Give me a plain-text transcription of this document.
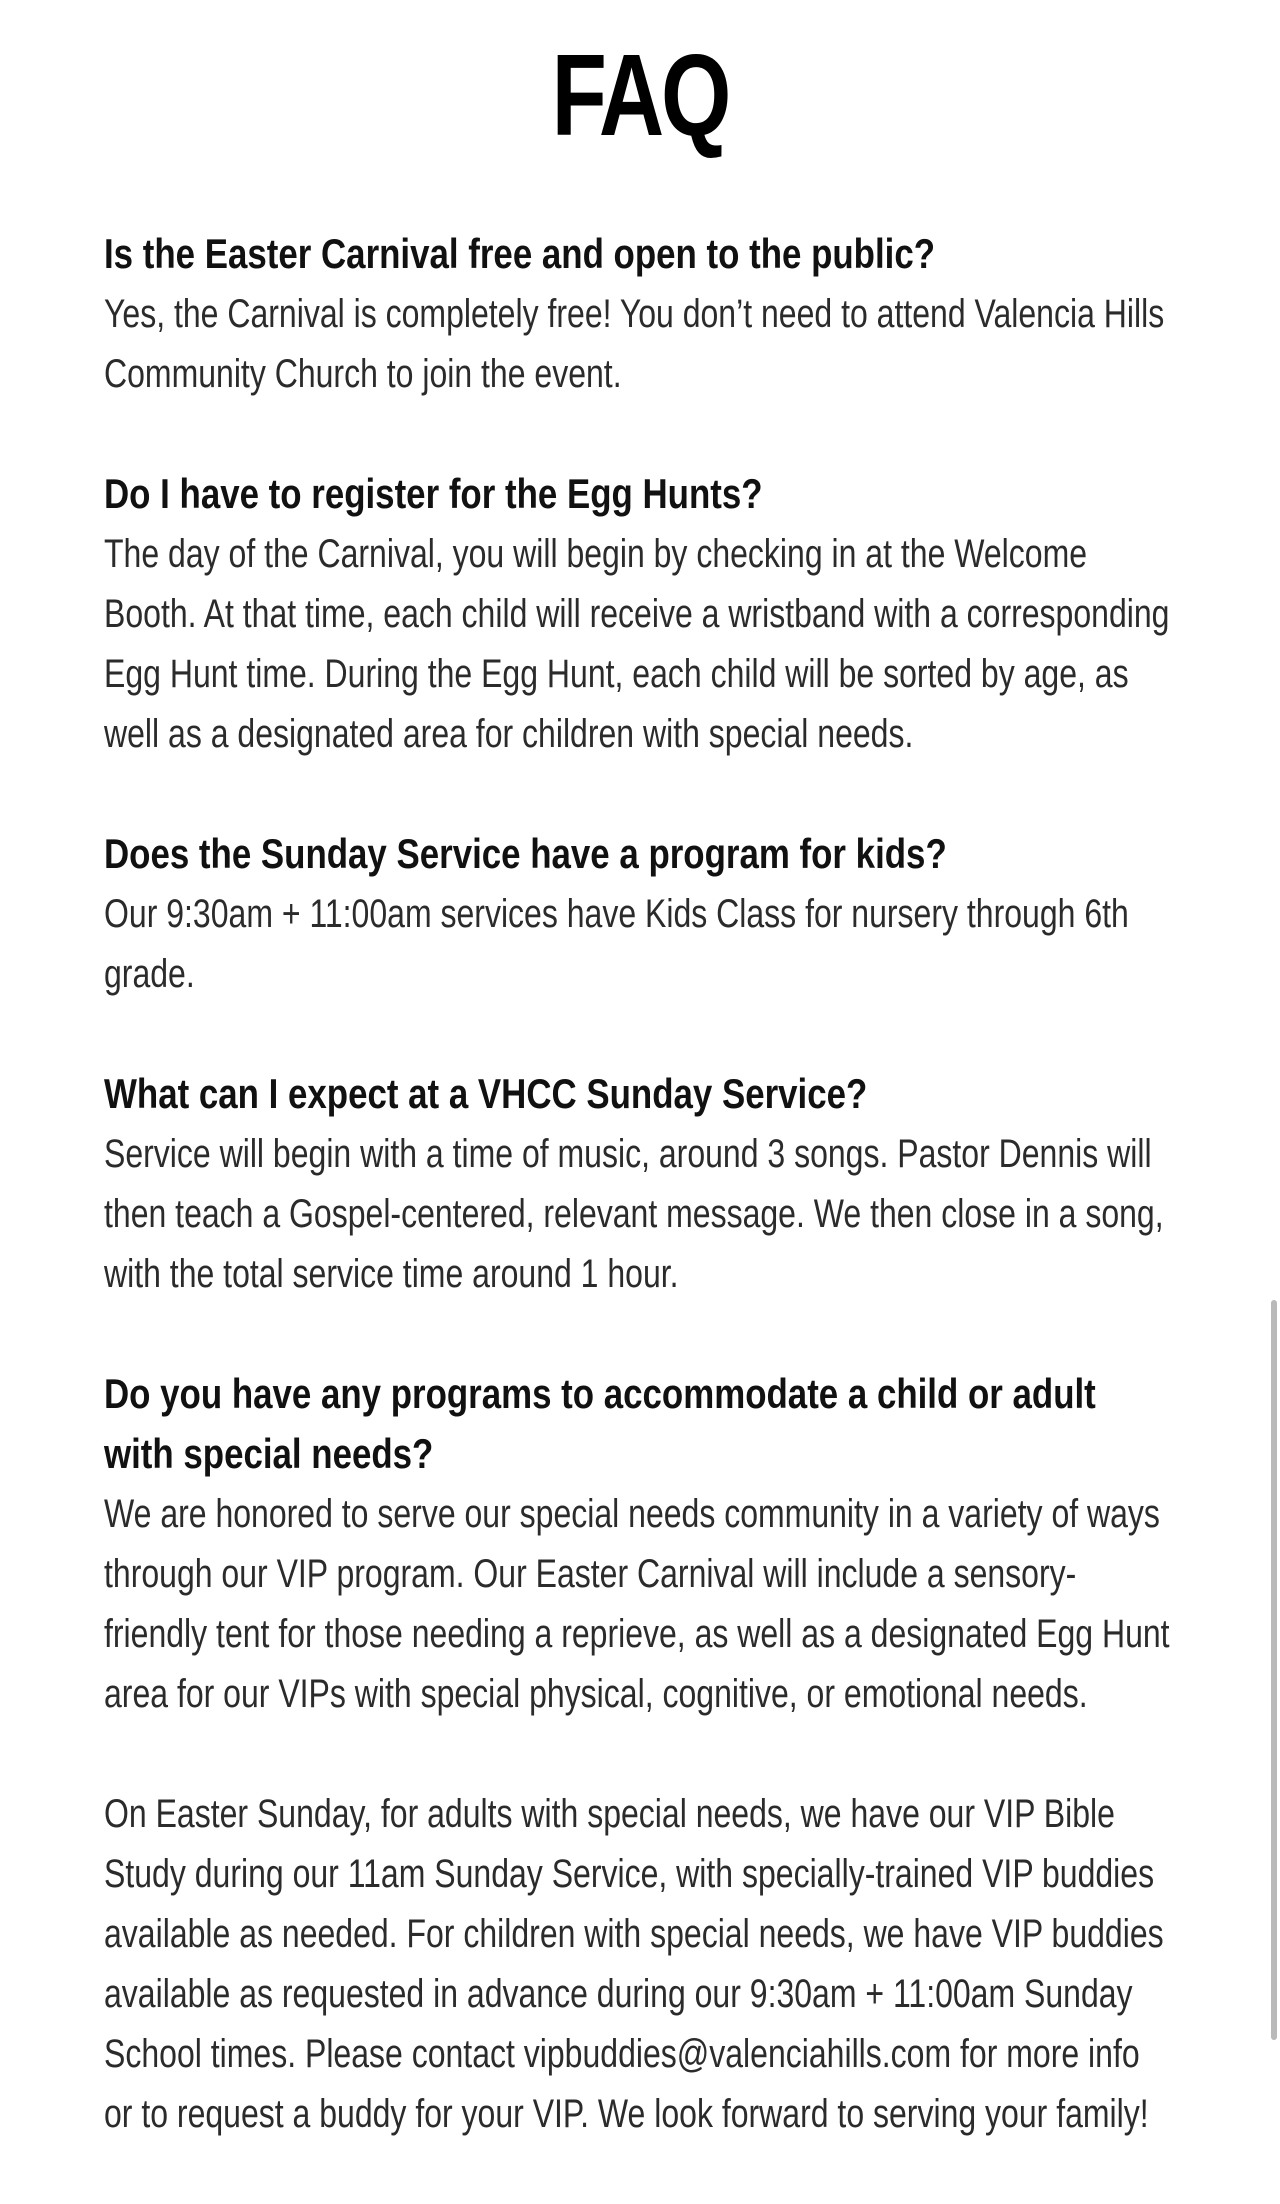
FAQ
Is the Easter Carnival free and open to the public?
Yes, the Carnival is completely free! You don’t need to attend Valencia Hills Community Church to join the event.
Do I have to register for the Egg Hunts?
The day of the Carnival, you will begin by checking in at the Welcome Booth. At that time, each child will receive a wristband with a corresponding Egg Hunt time. During the Egg Hunt, each child will be sorted by age, as well as a designated area for children with special needs.
Does the Sunday Service have a program for kids?
Our 9:30am + 11:00am services have Kids Class for nursery through 6th grade.
What can I expect at a VHCC Sunday Service?
Service will begin with a time of music, around 3 songs. Pastor Dennis will then teach a Gospel-centered, relevant message. We then close in a song, with the total service time around 1 hour.
Do you have any programs to accommodate a child or adult with special needs?
We are honored to serve our special needs community in a variety of ways through our VIP program. Our Easter Carnival will include a sensory-friendly tent for those needing a reprieve, as well as a designated Egg Hunt area for our VIPs with special physical, cognitive, or emotional needs.
On Easter Sunday, for adults with special needs, we have our VIP Bible Study during our 11am Sunday Service, with specially-trained VIP buddies available as needed. For children with special needs, we have VIP buddies available as requested in advance during our 9:30am + 11:00am Sunday School times. Please contact vipbuddies@valenciahills.com for more info or to request a buddy for your VIP. We look forward to serving your family!
